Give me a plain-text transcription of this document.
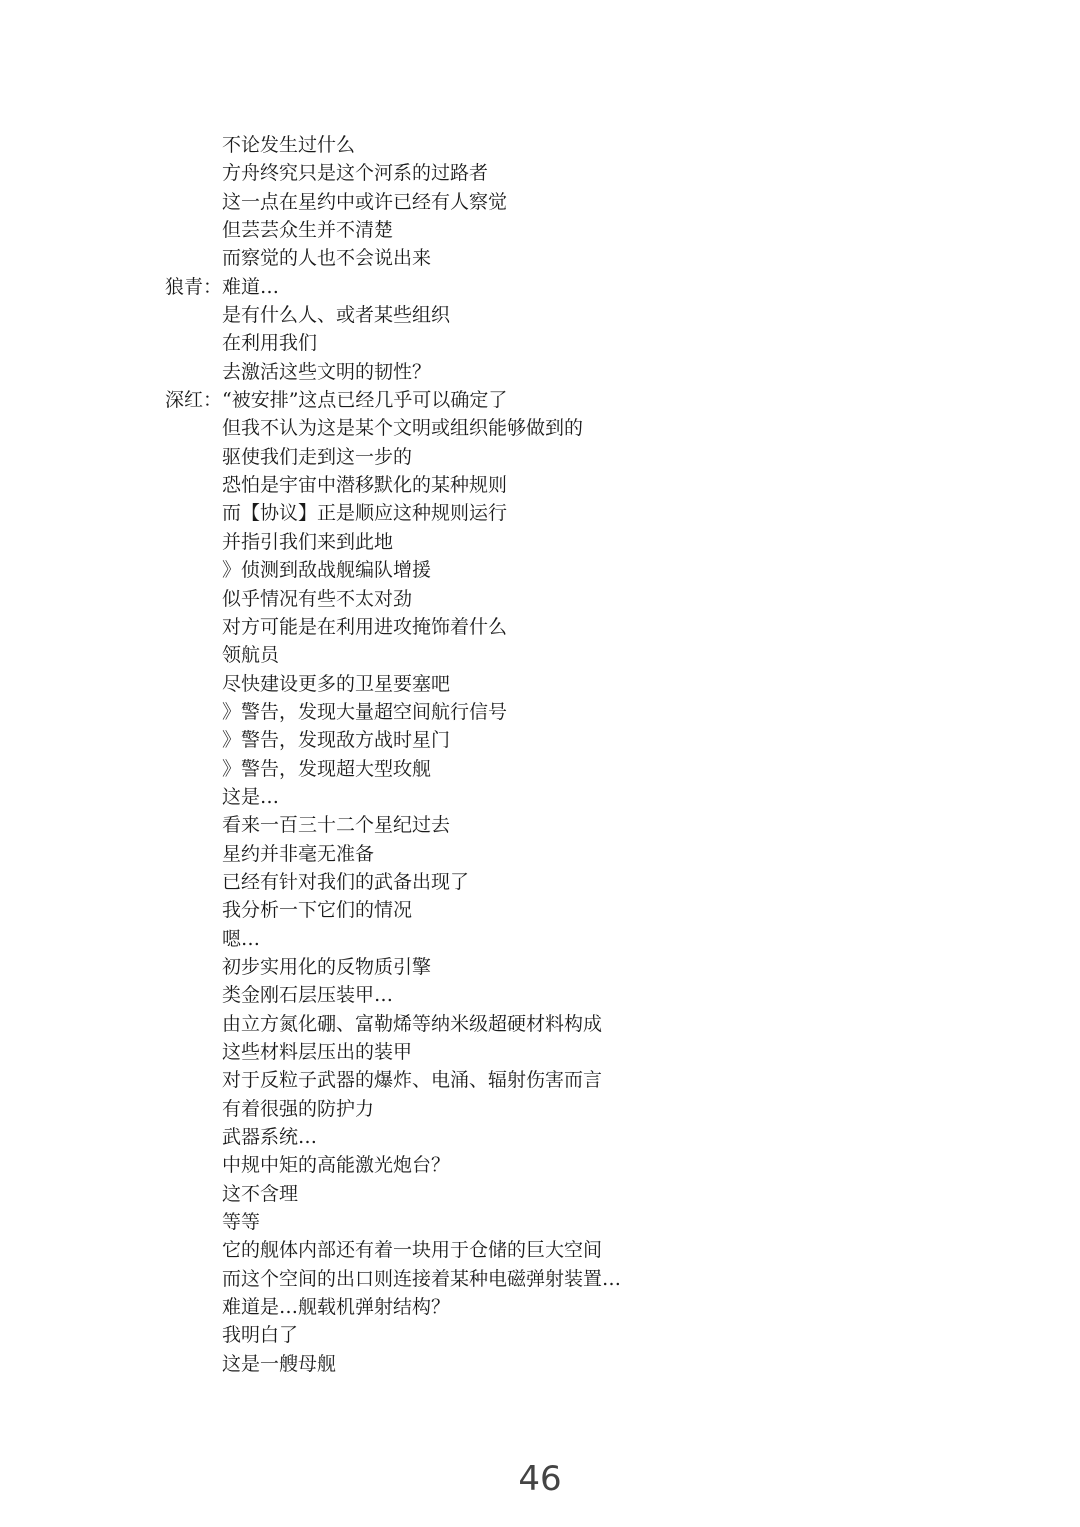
不论发生过什么
方舟终究只是这个河系的过路者
这一点在星约中或许已经有人察觉
但芸芸众生并不清楚
而察觉的人也不会说出来
狼青： 难道…
是有什么人、或者某些组织
在利用我们
去激活这些文明的韧性？
深红： “被安排”这点已经几乎可以确定了
但我不认为这是某个文明或组织能够做到的
驱使我们走到这一步的
恐怕是宇宙中潜移默化的某种规则
而【协议】正是顺应这种规则运行
并指引我们来到此地
》侦测到敌战舰编队增援
似乎情况有些不太对劲
对方可能是在利用进攻掩饰着什么
领航员
尽快建设更多的卫星要塞吧
》警告，发现大量超空间航行信号
》警告，发现敌方战时星门
》警告，发现超大型玫舰
这是…
看来一百三十二个星纪过去
星约并非毫无准备
已经有针对我们的武备出现了
我分析一下它们的情况
嗯…
初步实用化的反物质引擎
类金刚石层压装甲…
由立方氮化硼、富勒烯等纳米级超硬材料构成
这些材料层压出的装甲
对于反粒子武器的爆炸、电涌、辐射伤害而言
有着很强的防护力
武器系统…
中规中矩的高能激光炮台？
这不含理
等等
它的舰体内部还有着一块用于仓储的巨大空间
而这个空间的出口则连接着某种电磁弹射装置…
难道是…舰载机弹射结构？
我明白了
这是一艘母舰
46
